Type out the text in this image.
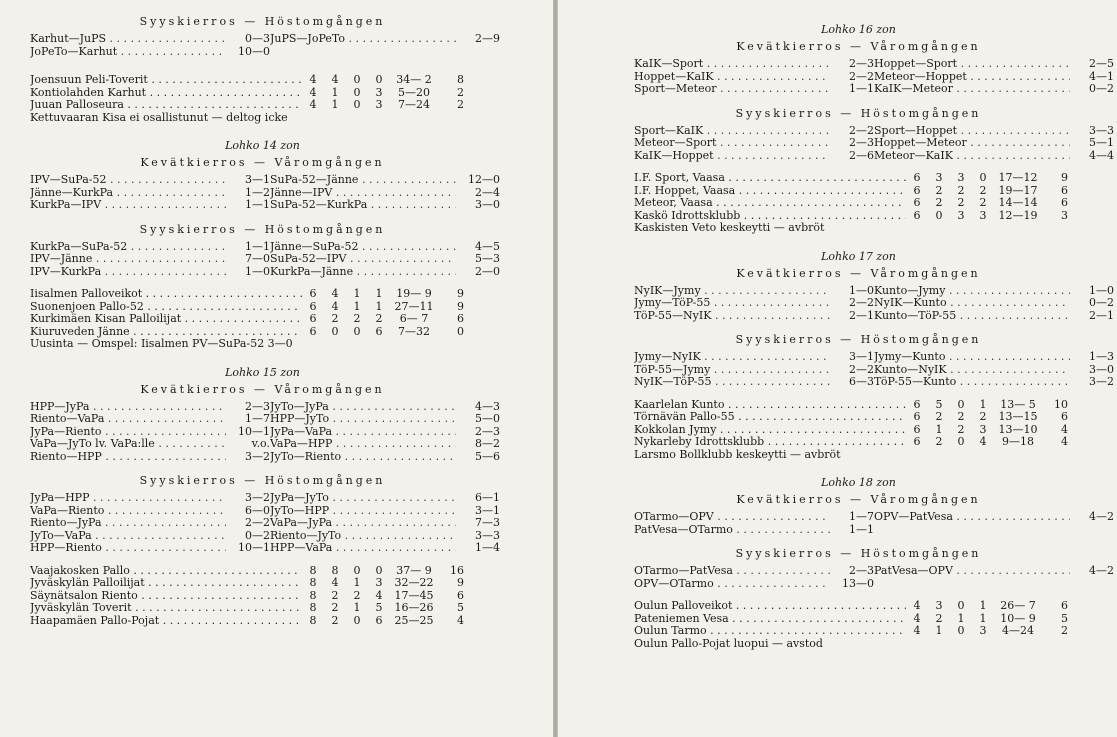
Syyskierros — Höstomgången
Karhut—JuPS . . .	0—3
JoPeTo—Karhut . . .	10—0
JuPS—JoPeTo . . .	2—9
Joensuun Peli-Toverit . . .	4	4	0	0	34— 2	8
Kontiolahden Karhut . . .	4	1	0	3	5—20	2
Juuan Palloseura . . .	4	1	0	3	7—24	2
Kettuvaaran Kisa ei osallistunut — deltog icke
Lohko 14 zon
Kevätkierros — Våromgången
IPV—SuPa-52 . . .	3—1
Jänne—KurkPa . . .	1—2
KurkPa—IPV . . .	1—1
SuPa-52—Jänne . . .	12—0
Jänne—IPV . . .	2—4
SuPa-52—KurkPa . . .	3—0
Syyskierros — Höstomgången
KurkPa—SuPa-52 . . .	1—1
IPV—Jänne . . .	7—0
IPV—KurkPa . . .	1—0
Jänne—SuPa-52 . . .	4—5
SuPa-52—IPV . . .	5—3
KurkPa—Jänne . . .	2—0
Iisalmen Palloveikot . . .	6	4	1	1	19— 9	9
Suonenjoen Pallo-52 . . .	6	4	1	1	27—11	9
Kurkimäen Kisan Palloilijat . . .	6	2	2	2	6— 7	6
Kiuruveden Jänne . . .	6	0	0	6	7—32	0
Uusinta — Omspel: Iisalmen PV—SuPa-52 3—0
Lohko 15 zon
Kevätkierros — Våromgången
HPP—JyPa . . .	2—3
Riento—VaPa . . .	1—7
JyPa—Riento . . .	10—1
VaPa—JyTo lv. VaPa:lle . . .	v.o.
Riento—HPP . . .	3—2
JyTo—JyPa . . .	4—3
HPP—JyTo . . .	5—0
JyPa—VaPa . . .	2—3
VaPa—HPP . . .	8—2
JyTo—Riento . . .	5—6
Syyskierros — Höstomgången
JyPa—HPP . . .	3—2
VaPa—Riento . . .	6—0
Riento—JyPa . . .	2—2
JyTo—VaPa . . .	0—2
HPP—Riento . . .	10—1
JyPa—JyTo . . .	6—1
JyTo—HPP . . .	3—1
VaPa—JyPa . . .	7—3
Riento—JyTo . . .	3—3
HPP—VaPa . . .	1—4
Vaajakosken Pallo . . .	8	8	0	0	37— 9	16
Jyväskylän Palloilijat . . .	8	4	1	3	32—22	9
Säynätsalon Riento . . .	8	2	2	4	17—45	6
Jyväskylän Toverit . . .	8	2	1	5	16—26	5
Haapamäen Pallo-Pojat . . .	8	2	0	6	25—25	4
Lohko 16 zon
Kevätkierros — Våromgången
KaIK—Sport . . .	2—3
Hoppet—KaIK . . .	2—2
Sport—Meteor . . .	1—1
Hoppet—Sport . . .	2—5
Meteor—Hoppet . . .	4—1
KaIK—Meteor . . .	0—2
Syyskierros — Höstomgången
Sport—KaIK . . .	2—2
Meteor—Sport . . .	2—3
KaIK—Hoppet . . .	2—6
Sport—Hoppet . . .	3—3
Hoppet—Meteor . . .	5—1
Meteor—KaIK . . .	4—4
I.F. Sport, Vaasa . . .	6	3	3	0	17—12	9
I.F. Hoppet, Vaasa . . .	6	2	2	2	19—17	6
Meteor, Vaasa . . .	6	2	2	2	14—14	6
Kaskö Idrottsklubb . . .	6	0	3	3	12—19	3
Kaskisten Veto keskeytti — avbröt
Lohko 17 zon
Kevätkierros — Våromgången
NyIK—Jymy . . .	1—0
Jymy—TöP-55 . . .	2—2
TöP-55—NyIK . . .	2—1
Kunto—Jymy . . .	1—0
NyIK—Kunto . . .	0—2
Kunto—TöP-55 . . .	2—1
Syyskierros — Höstomgången
Jymy—NyIK . . .	3—1
TöP-55—Jymy . . .	2—2
NyIK—TöP-55 . . .	6—3
Jymy—Kunto . . .	1—3
Kunto—NyIK . . .	3—0
TöP-55—Kunto . . .	3—2
Kaarlelan Kunto . . .	6	5	0	1	13— 5	10
Törnävän Pallo-55 . . .	6	2	2	2	13—15	6
Kokkolan Jymy . . .	6	1	2	3	13—10	4
Nykarleby Idrottsklubb . . .	6	2	0	4	9—18	4
Larsmo Bollklubb keskeytti — avbröt
Lohko 18 zon
Kevätkierros — Våromgången
OTarmo—OPV . . .	1—7
PatVesa—OTarmo . . .	1—1
OPV—PatVesa . . .	4—2
Syyskierros — Höstomgången
OTarmo—PatVesa . . .	2—3
OPV—OTarmo . . .	13—0
PatVesa—OPV . . .	4—2
Oulun Palloveikot . . .	4	3	0	1	26— 7	6
Pateniemen Vesa . . .	4	2	1	1	10— 9	5
Oulun Tarmo . . .	4	1	0	3	4—24	2
Oulun Pallo-Pojat luopui — avstod
